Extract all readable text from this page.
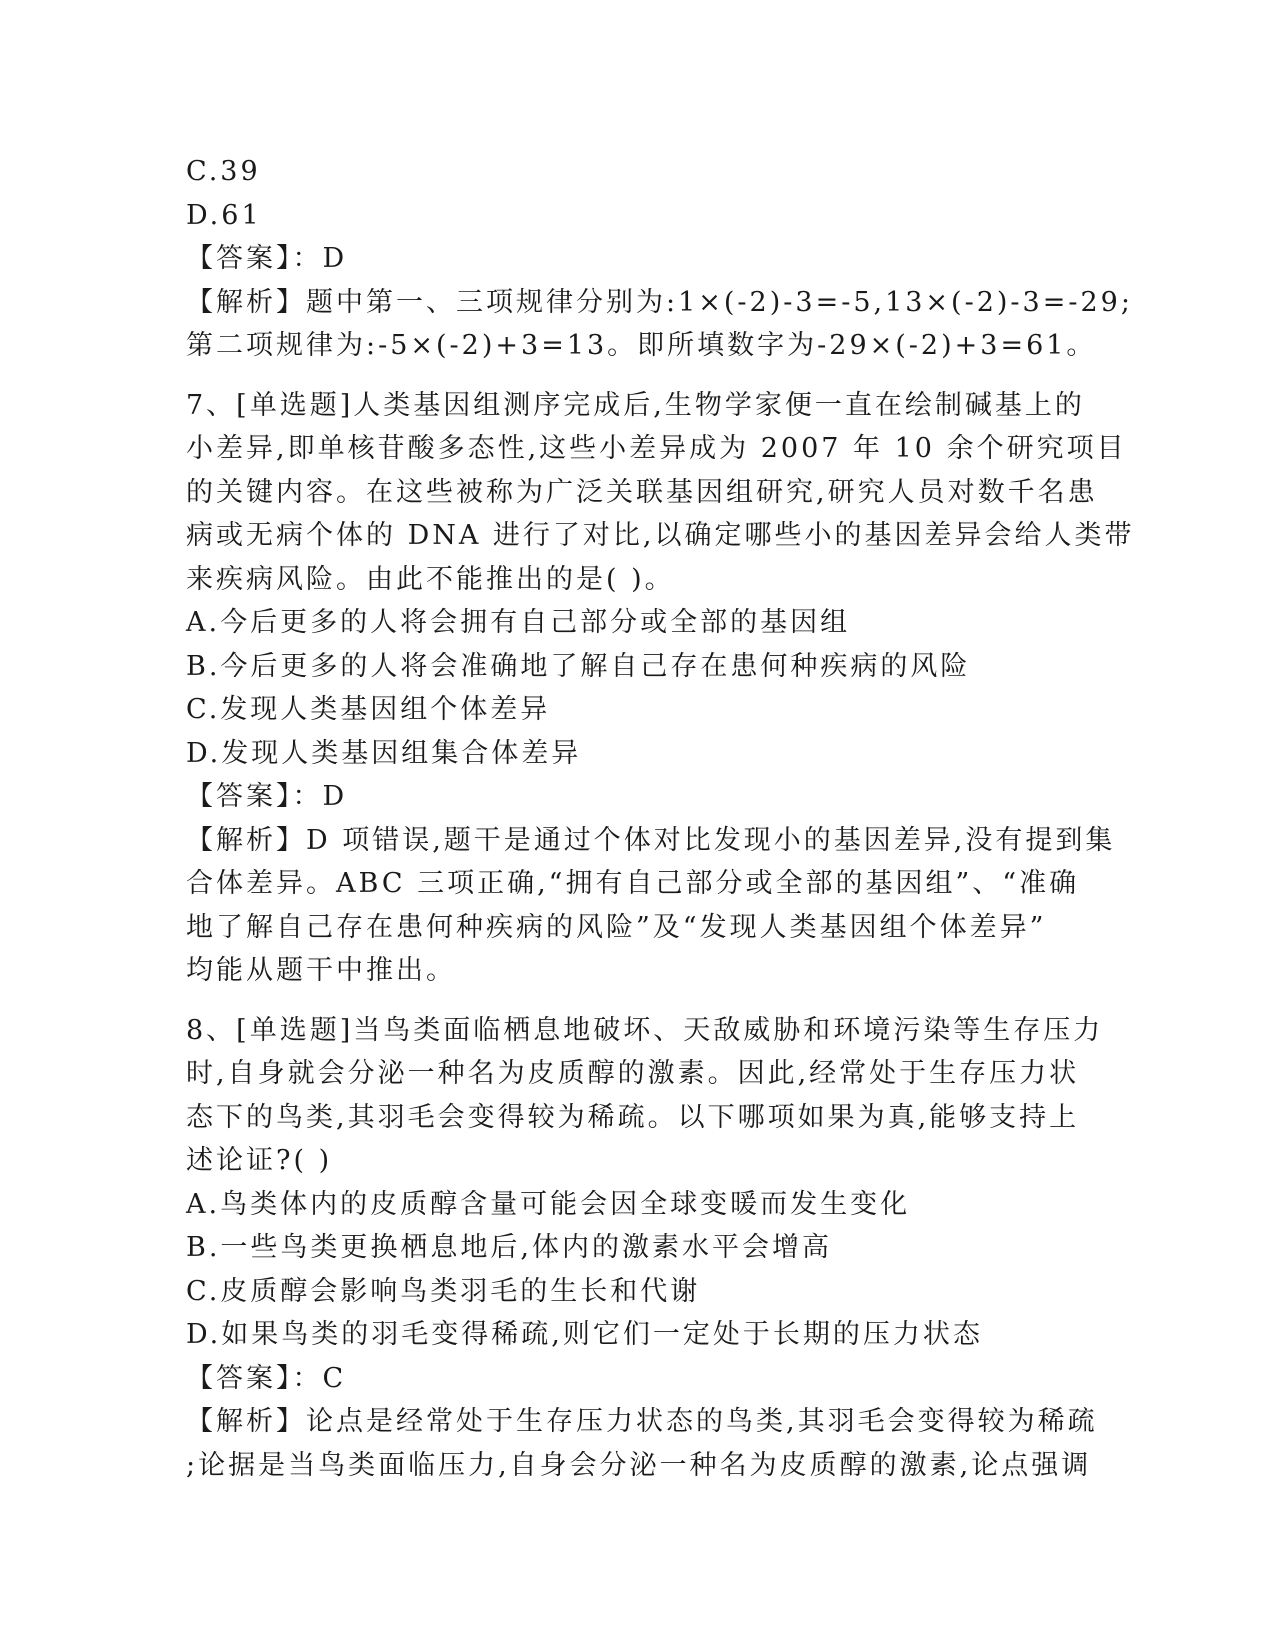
C.39
D.61
【答案】：D
【解析】题中第一、三项规律分别为:1×(-2)-3=-5,13×(-2)-3=-29;
第二项规律为:-5×(-2)+3=13。即所填数字为-29×(-2)+3=61。
7、[单选题]人类基因组测序完成后,生物学家便一直在绘制碱基上的
小差异,即单核苷酸多态性,这些小差异成为 2007 年 10 余个研究项目
的关键内容。在这些被称为广泛关联基因组研究,研究人员对数千名患
病或无病个体的 DNA 进行了对比,以确定哪些小的基因差异会给人类带
来疾病风险。由此不能推出的是( )。
A.今后更多的人将会拥有自己部分或全部的基因组
B.今后更多的人将会准确地了解自己存在患何种疾病的风险
C.发现人类基因组个体差异
D.发现人类基因组集合体差异
【答案】：D
【解析】D 项错误,题干是通过个体对比发现小的基因差异,没有提到集
合体差异。ABC 三项正确,“拥有自己部分或全部的基因组”、“准确
地了解自己存在患何种疾病的风险”及“发现人类基因组个体差异”
均能从题干中推出。
8、[单选题]当鸟类面临栖息地破坏、天敌威胁和环境污染等生存压力
时,自身就会分泌一种名为皮质醇的激素。因此,经常处于生存压力状
态下的鸟类,其羽毛会变得较为稀疏。以下哪项如果为真,能够支持上
述论证?( )
A.鸟类体内的皮质醇含量可能会因全球变暖而发生变化
B.一些鸟类更换栖息地后,体内的激素水平会增高
C.皮质醇会影响鸟类羽毛的生长和代谢
D.如果鸟类的羽毛变得稀疏,则它们一定处于长期的压力状态
【答案】：C
【解析】论点是经常处于生存压力状态的鸟类,其羽毛会变得较为稀疏
;论据是当鸟类面临压力,自身会分泌一种名为皮质醇的激素,论点强调
